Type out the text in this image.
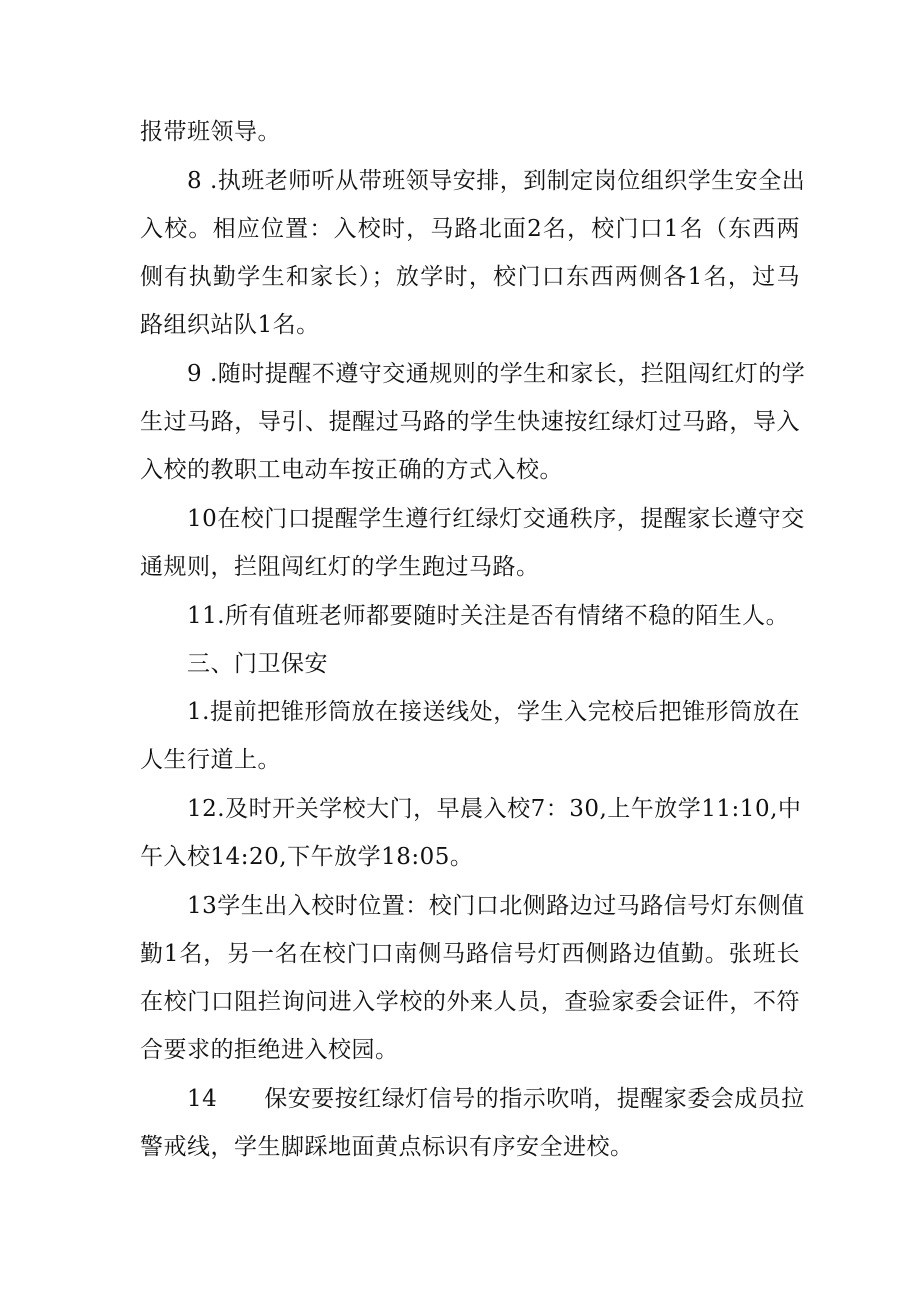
报带班领导。
8 .执班老师听从带班领导安排，到制定岗位组织学生安全出
入校。相应位置：入校时，马路北面2名，校门口1名（东西两
侧有执勤学生和家长）；放学时，校门口东西两侧各1名，过马
路组织站队1名。
9 .随时提醒不遵守交通规则的学生和家长，拦阻闯红灯的学
生过马路，导引、提醒过马路的学生快速按红绿灯过马路，导入
入校的教职工电动车按正确的方式入校。
10在校门口提醒学生遵行红绿灯交通秩序，提醒家长遵守交
通规则，拦阻闯红灯的学生跑过马路。
11.所有值班老师都要随时关注是否有情绪不稳的陌生人。
三、门卫保安
1.提前把锥形筒放在接送线处，学生入完校后把锥形筒放在
人生行道上。
12.及时开关学校大门，早晨入校7：30,上午放学11:10,中
午入校14:20,下午放学18:05。
13学生出入校时位置：校门口北侧路边过马路信号灯东侧值
勤1名，另一名在校门口南侧马路信号灯西侧路边值勤。张班长
在校门口阻拦询问进入学校的外来人员，查验家委会证件，不符
合要求的拒绝进入校园。
14　　保安要按红绿灯信号的指示吹哨，提醒家委会成员拉
警戒线，学生脚踩地面黄点标识有序安全进校。
